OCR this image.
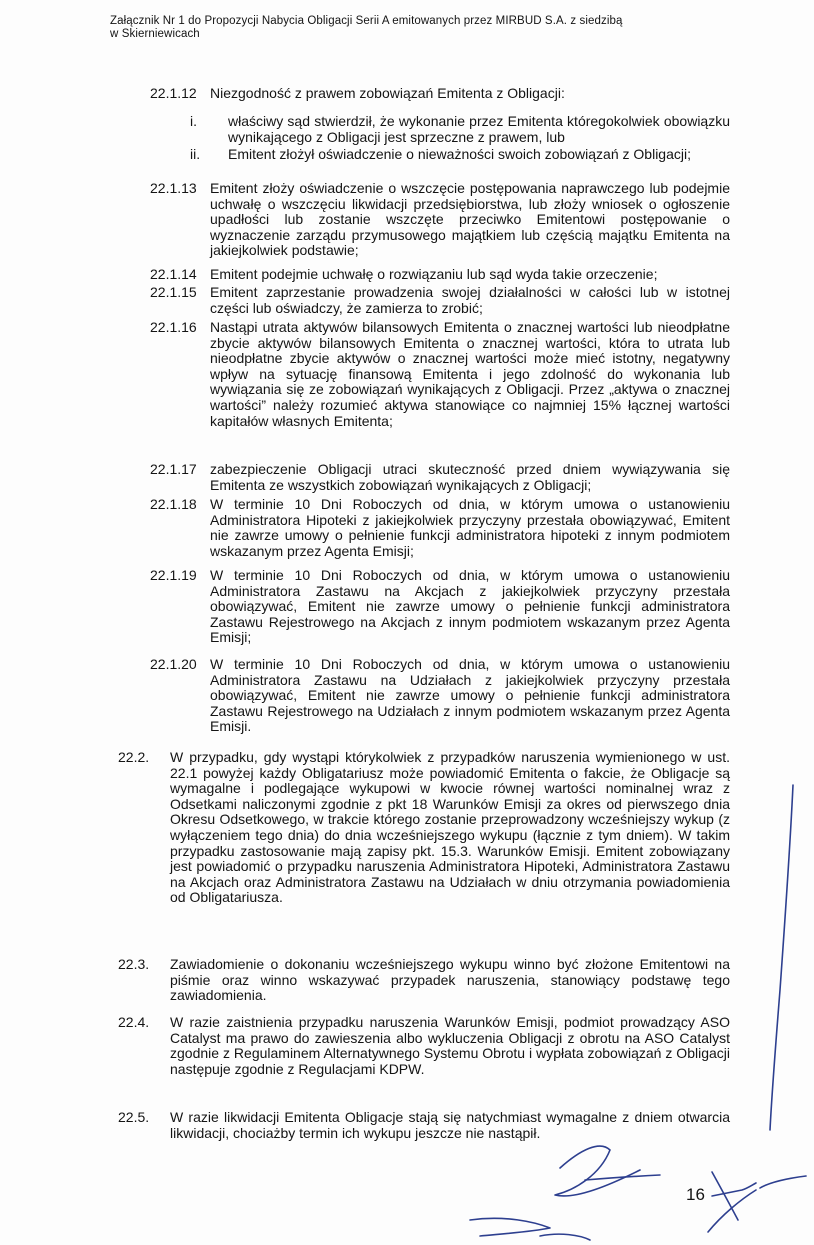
Załącznik Nr 1 do Propozycji Nabycia Obligacji Serii A emitowanych przez MIRBUD S.A. z siedzibą
w Skierniewicach
22.1.12 Niezgodność z prawem zobowiązań Emitenta z Obligacji:
i. właściwy sąd stwierdził, że wykonanie przez Emitenta któregokolwiek obowiązku wynikającego z Obligacji jest sprzeczne z prawem, lub
ii. Emitent złożył oświadczenie o nieważności swoich zobowiązań z Obligacji;
22.1.13 Emitent złoży oświadczenie o wszczęcie postępowania naprawczego lub podejmie uchwałę o wszczęciu likwidacji przedsiębiorstwa, lub złoży wniosek o ogłoszenie upadłości lub zostanie wszczęte przeciwko Emitentowi postępowanie o wyznaczenie zarządu przymusowego majątkiem lub częścią majątku Emitenta na jakiejkolwiek podstawie;
22.1.14 Emitent podejmie uchwałę o rozwiązaniu lub sąd wyda takie orzeczenie;
22.1.15 Emitent zaprzestanie prowadzenia swojej działalności w całości lub w istotnej części lub oświadczy, że zamierza to zrobić;
22.1.16 Nastąpi utrata aktywów bilansowych Emitenta o znacznej wartości lub nieodpłatne zbycie aktywów bilansowych Emitenta o znacznej wartości, która to utrata lub nieodpłatne zbycie aktywów o znacznej wartości może mieć istotny, negatywny wpływ na sytuację finansową Emitenta i jego zdolność do wykonania lub wywiązania się ze zobowiązań wynikających z Obligacji. Przez „aktywa o znacznej wartości” należy rozumieć aktywa stanowiące co najmniej 15% łącznej wartości kapitałów własnych Emitenta;
22.1.17 zabezpieczenie Obligacji utraci skuteczność przed dniem wywiązywania się Emitenta ze wszystkich zobowiązań wynikających z Obligacji;
22.1.18 W terminie 10 Dni Roboczych od dnia, w którym umowa o ustanowieniu Administratora Hipoteki z jakiejkolwiek przyczyny przestała obowiązywać, Emitent nie zawrze umowy o pełnienie funkcji administratora hipoteki z innym podmiotem wskazanym przez Agenta Emisji;
22.1.19 W terminie 10 Dni Roboczych od dnia, w którym umowa o ustanowieniu Administratora Zastawu na Akcjach z jakiejkolwiek przyczyny przestała obowiązywać, Emitent nie zawrze umowy o pełnienie funkcji administratora Zastawu Rejestrowego na Akcjach z innym podmiotem wskazanym przez Agenta Emisji;
22.1.20 W terminie 10 Dni Roboczych od dnia, w którym umowa o ustanowieniu Administratora Zastawu na Udziałach z jakiejkolwiek przyczyny przestała obowiązywać, Emitent nie zawrze umowy o pełnienie funkcji administratora Zastawu Rejestrowego na Udziałach z innym podmiotem wskazanym przez Agenta Emisji.
22.2. W przypadku, gdy wystąpi którykolwiek z przypadków naruszenia wymienionego w ust. 22.1 powyżej każdy Obligatariusz może powiadomić Emitenta o fakcie, że Obligacje są wymagalne i podlegające wykupowi w kwocie równej wartości nominalnej wraz z Odsetkami naliczonymi zgodnie z pkt 18 Warunków Emisji za okres od pierwszego dnia Okresu Odsetkowego, w trakcie którego zostanie przeprowadzony wcześniejszy wykup (z wyłączeniem tego dnia) do dnia wcześniejszego wykupu (łącznie z tym dniem). W takim przypadku zastosowanie mają zapisy pkt. 15.3. Warunków Emisji. Emitent zobowiązany jest powiadomić o przypadku naruszenia Administratora Hipoteki, Administratora Zastawu na Akcjach oraz Administratora Zastawu na Udziałach w dniu otrzymania powiadomienia od Obligatariusza.
22.3. Zawiadomienie o dokonaniu wcześniejszego wykupu winno być złożone Emitentowi na piśmie oraz winno wskazywać przypadek naruszenia, stanowiący podstawę tego zawiadomienia.
22.4. W razie zaistnienia przypadku naruszenia Warunków Emisji, podmiot prowadzący ASO Catalyst ma prawo do zawieszenia albo wykluczenia Obligacji z obrotu na ASO Catalyst zgodnie z Regulaminem Alternatywnego Systemu Obrotu i wypłata zobowiązań z Obligacji następuje zgodnie z Regulacjami KDPW.
22.5. W razie likwidacji Emitenta Obligacje stają się natychmiast wymagalne z dniem otwarcia likwidacji, chociażby termin ich wykupu jeszcze nie nastąpił.
16
